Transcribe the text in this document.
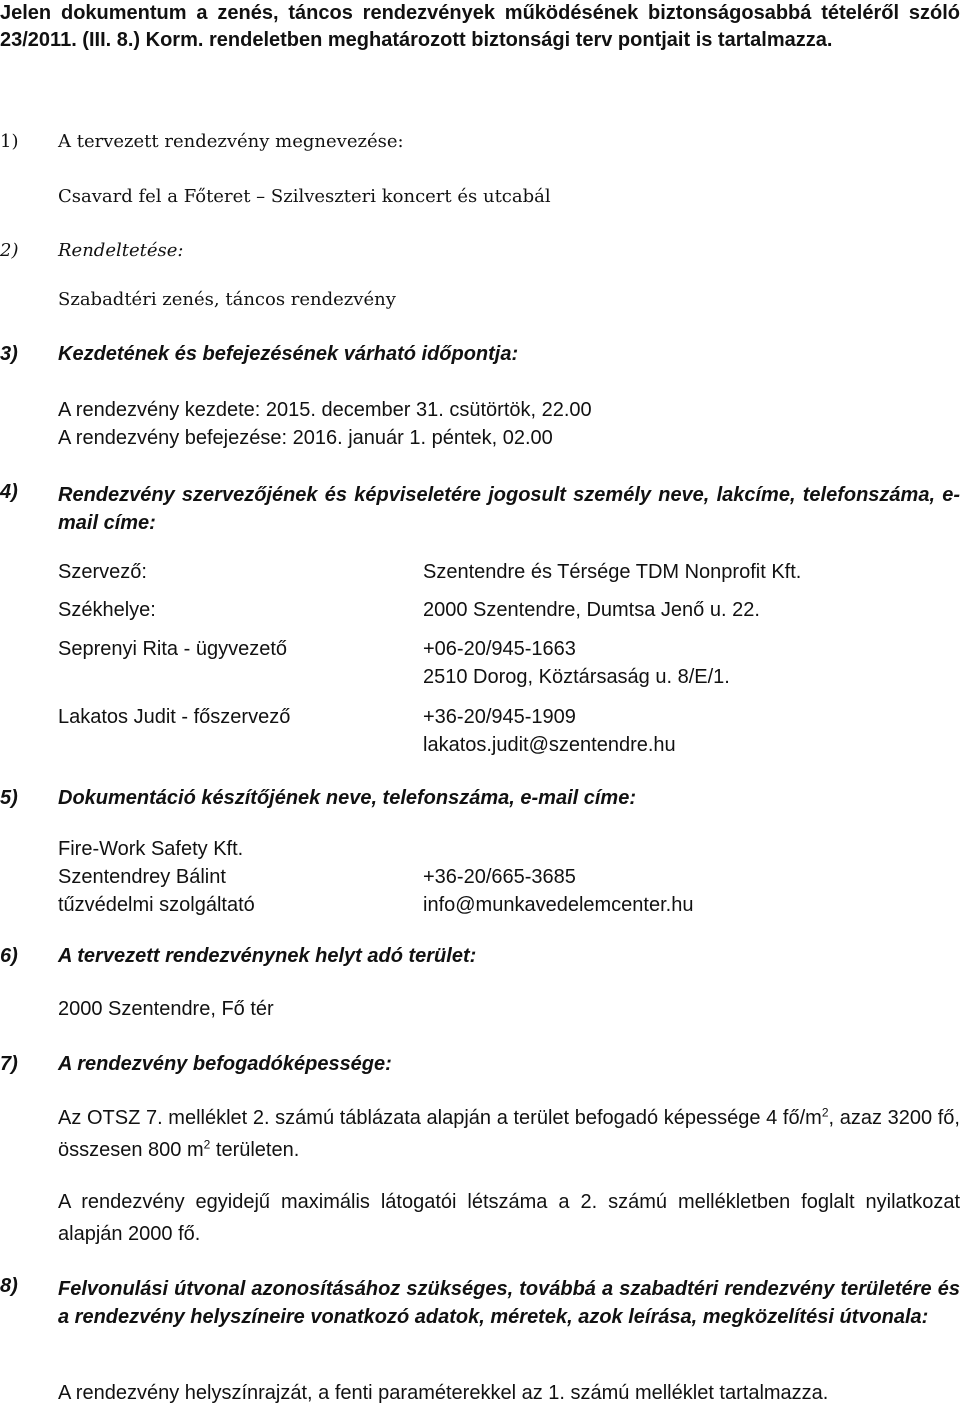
Jelen dokumentum a zenés, táncos rendezvények működésének biztonságosabbá tételéről szóló 23/2011. (III. 8.) Korm. rendeletben meghatározott biztonsági terv pontjait is tartalmazza.
1) A tervezett rendezvény megnevezése:
Csavard fel a Főteret – Szilveszteri koncert és utcabál
2) Rendeltetése:
Szabadtéri zenés, táncos rendezvény
3) Kezdetének és befejezésének várható időpontja:
A rendezvény kezdete: 2015. december 31. csütörtök, 22.00
A rendezvény befejezése: 2016. január 1. péntek, 02.00
4) Rendezvény szervezőjének és képviseletére jogosult személy neve, lakcíme, telefonszáma, e-mail címe:
Szervező:	Szentendre és Térsége TDM Nonprofit Kft.
Székhelye:	2000 Szentendre, Dumtsa Jenő u. 22.
Seprenyi Rita - ügyvezető	+06-20/945-1663
2510 Dorog, Köztársaság u. 8/E/1.
Lakatos Judit - főszervező	+36-20/945-1909
lakatos.judit@szentendre.hu
5) Dokumentáció készítőjének neve, telefonszáma, e-mail címe:
Fire-Work Safety Kft.
Szentendrey Bálint	+36-20/665-3685
tűzvédelmi szolgáltató	info@munkavedelemcenter.hu
6) A tervezett rendezvénynek helyt adó terület:
2000 Szentendre, Fő tér
7) A rendezvény befogadóképessége:
Az OTSZ 7. melléklet 2. számú táblázata alapján a terület befogadó képessége 4 $fő/m^2$, azaz 3200 fő, összesen 800 $m^2$ területen.
A rendezvény egyidejű maximális látogatói létszáma a 2. számú mellékletben foglalt nyilatkozat alapján 2000 fő.
8) Felvonulási útvonal azonosításához szükséges, továbbá a szabadtéri rendezvény területére és a rendezvény helyszíneire vonatkozó adatok, méretek, azok leírása, megközelítési útvonala:
A rendezvény helyszínrajzát, a fenti paraméterekkel az 1. számú melléklet tartalmazza.
